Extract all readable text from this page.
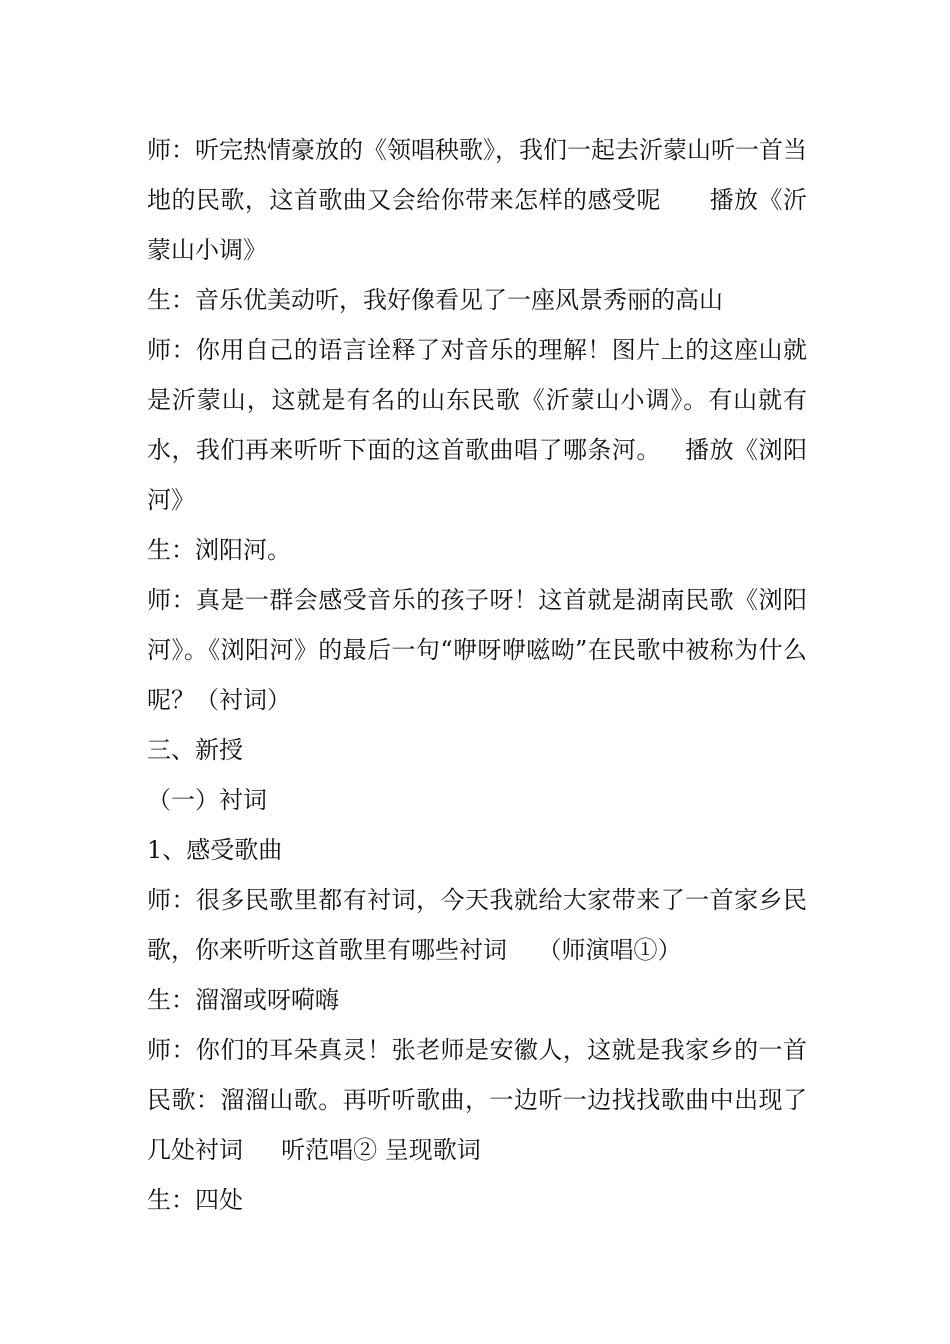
师：听完热情豪放的《领唱秧歌》，我们一起去沂蒙山听一首当地的民歌，这首歌曲又会给你带来怎样的感受呢      播放《沂蒙山小调》

生：音乐优美动听，我好像看见了一座风景秀丽的高山

师：你用自己的语言诠释了对音乐的理解！图片上的这座山就是沂蒙山，这就是有名的山东民歌《沂蒙山小调》。有山就有水，我们再来听听下面的这首歌曲唱了哪条河。   播放《浏阳河》

生：浏阳河。

师：真是一群会感受音乐的孩子呀！这首就是湖南民歌《浏阳河》。《浏阳河》的最后一句“咿呀咿嗞呦”在民歌中被称为什么呢？（衬词）

三、新授

（一）衬词

1、感受歌曲

师：很多民歌里都有衬词，今天我就给大家带来了一首家乡民歌，你来听听这首歌里有哪些衬词    （师演唱①）

生：溜溜或呀嗬嗨

师：你们的耳朵真灵！张老师是安徽人，这就是我家乡的一首民歌：溜溜山歌。再听听歌曲，一边听一边找找歌曲中出现了几处衬词     听范唱② 呈现歌词

生：四处
